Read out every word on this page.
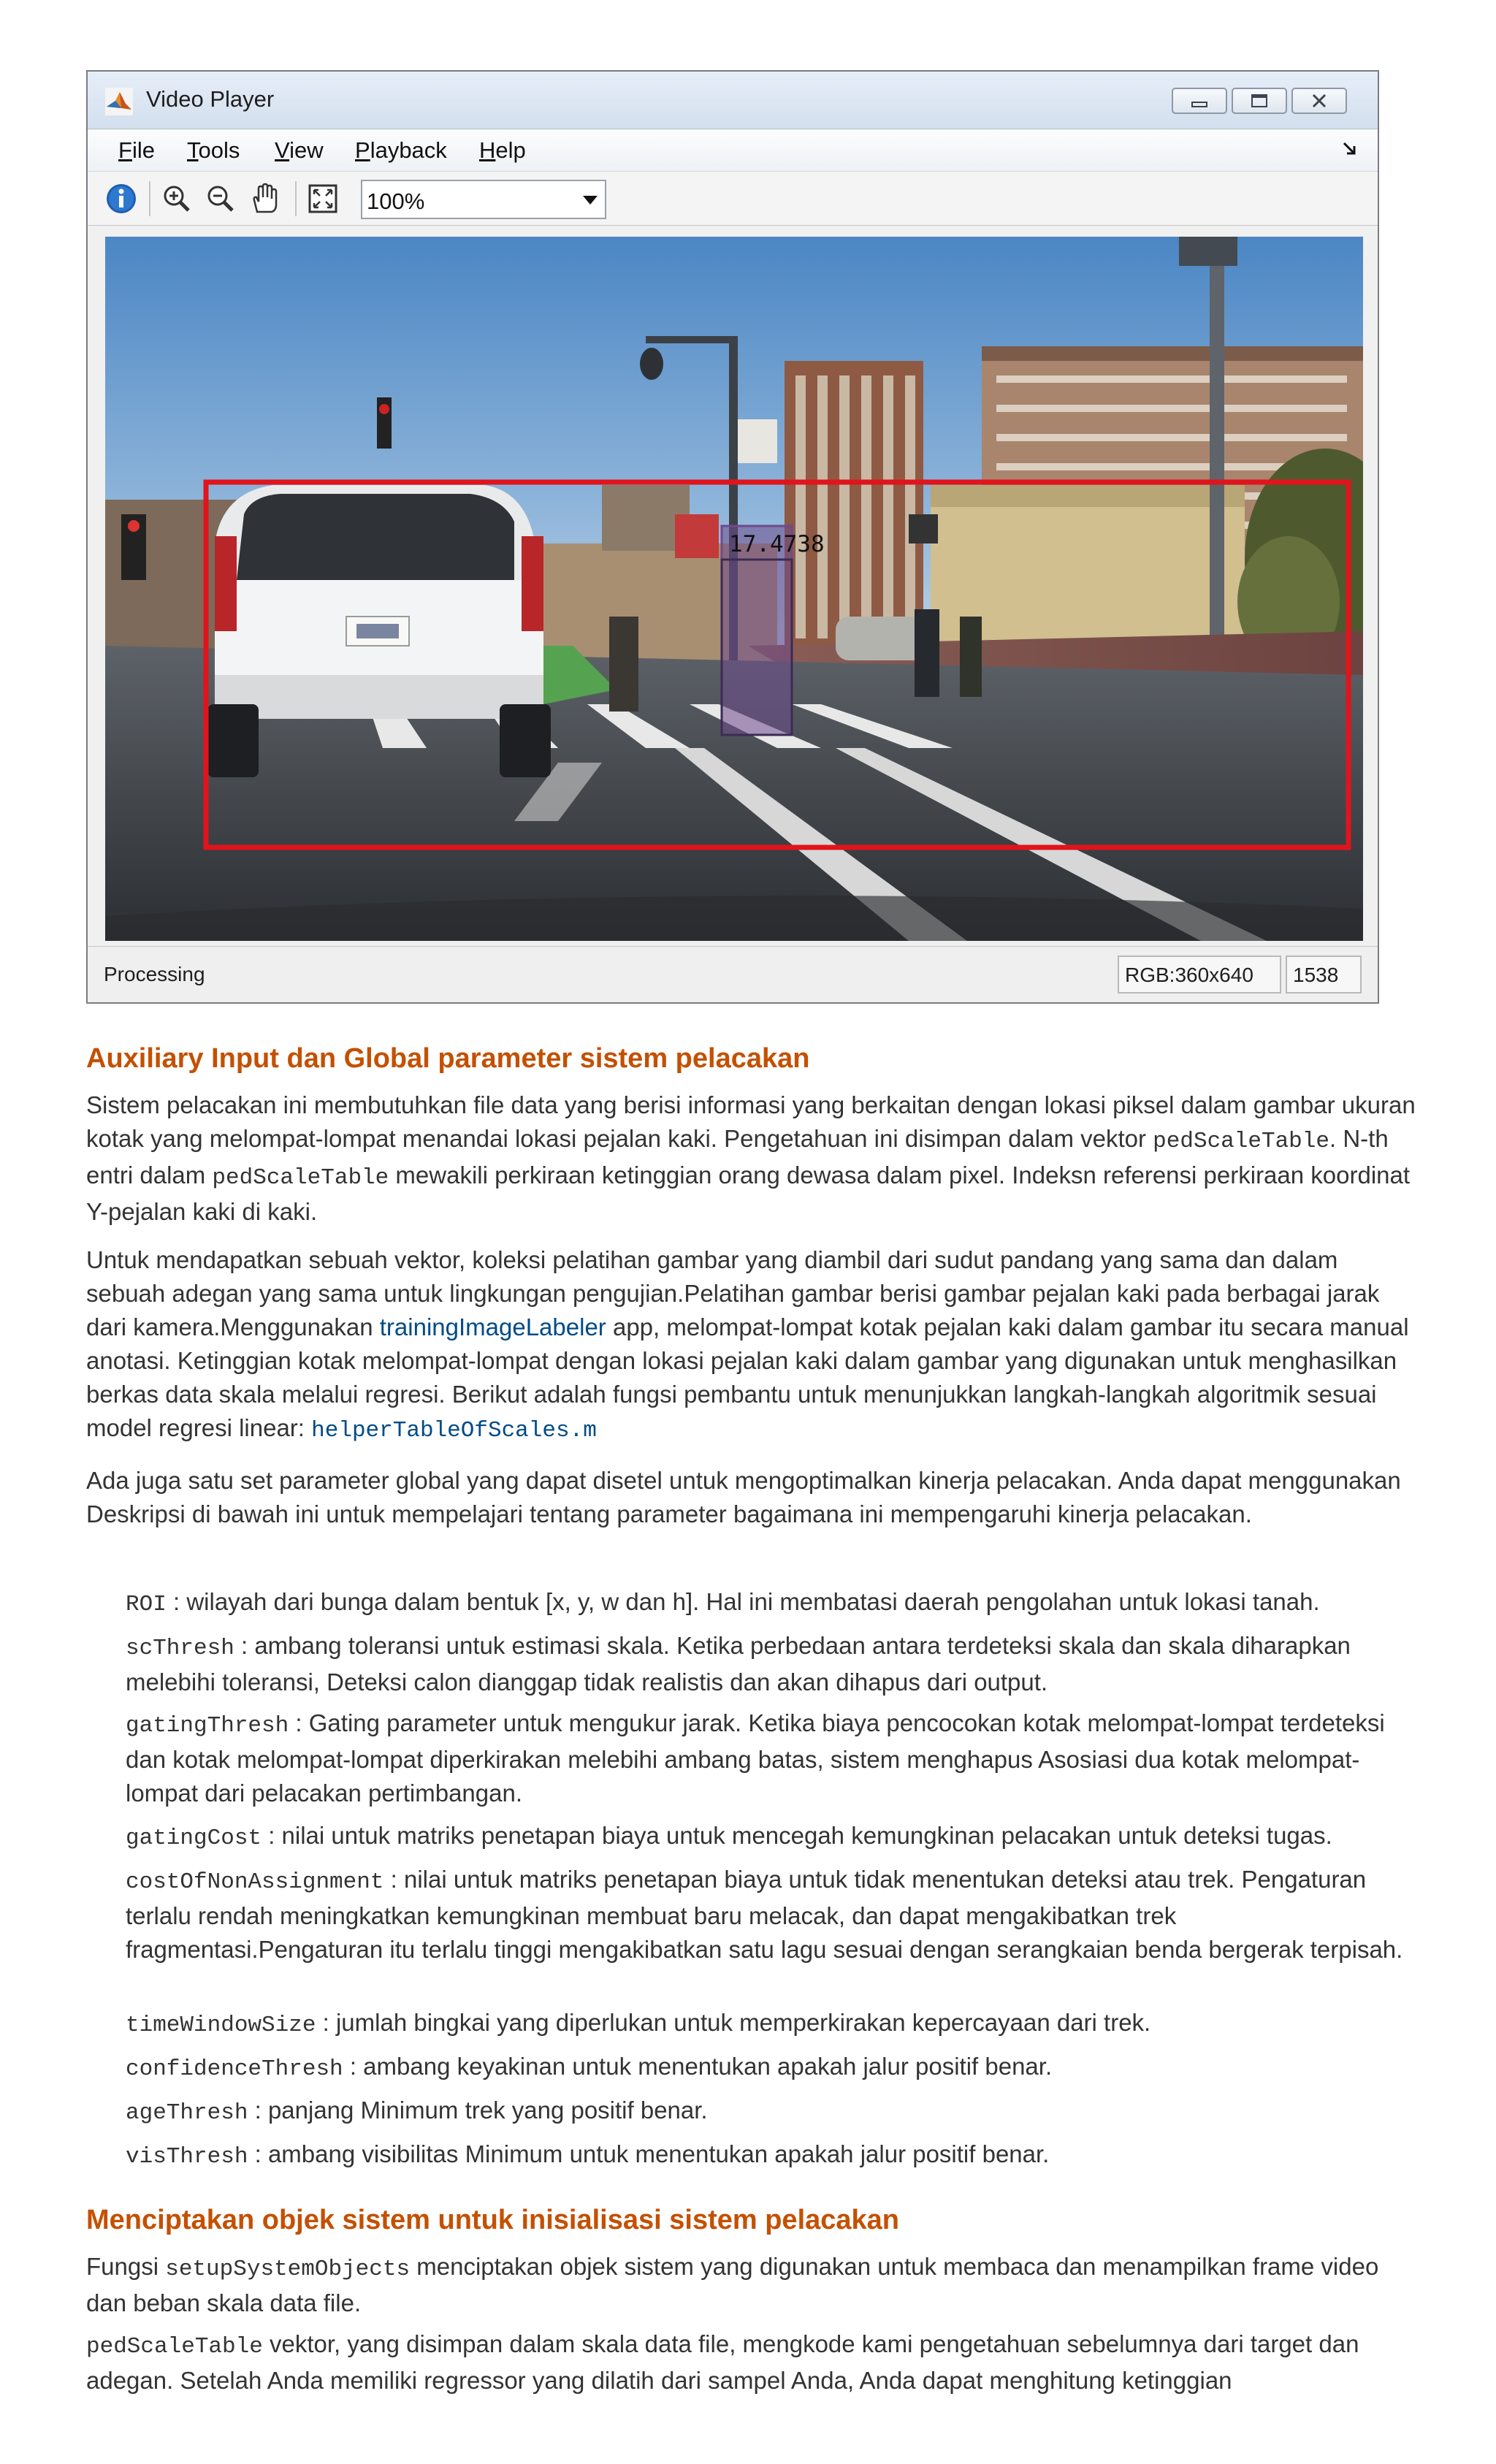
Video Player
File Tools View Playback Help
100%
17.4738
Processing	RGB:360x640	1538
Auxiliary Input dan Global parameter sistem pelacakan

Sistem pelacakan ini membutuhkan file data yang berisi informasi yang berkaitan dengan lokasi piksel dalam gambar ukuran kotak yang melompat-lompat menandai lokasi pejalan kaki. Pengetahuan ini disimpan dalam vektor pedScaleTable. N-th entri dalam pedScaleTable mewakili perkiraan ketinggian orang dewasa dalam pixel. Indeksn referensi perkiraan koordinat Y-pejalan kaki di kaki.

Untuk mendapatkan sebuah vektor, koleksi pelatihan gambar yang diambil dari sudut pandang yang sama dan dalam sebuah adegan yang sama untuk lingkungan pengujian.Pelatihan gambar berisi gambar pejalan kaki pada berbagai jarak dari kamera.Menggunakan trainingImageLabeler app, melompat-lompat kotak pejalan kaki dalam gambar itu secara manual anotasi. Ketinggian kotak melompat-lompat dengan lokasi pejalan kaki dalam gambar yang digunakan untuk menghasilkan berkas data skala melalui regresi. Berikut adalah fungsi pembantu untuk menunjukkan langkah-langkah algoritmik sesuai model regresi linear: helperTableOfScales.m

Ada juga satu set parameter global yang dapat disetel untuk mengoptimalkan kinerja pelacakan. Anda dapat menggunakan Deskripsi di bawah ini untuk mempelajari tentang parameter bagaimana ini mempengaruhi kinerja pelacakan.

ROI : wilayah dari bunga dalam bentuk [x, y, w dan h]. Hal ini membatasi daerah pengolahan untuk lokasi tanah.

scThresh : ambang toleransi untuk estimasi skala. Ketika perbedaan antara terdeteksi skala dan skala diharapkan melebihi toleransi, Deteksi calon dianggap tidak realistis dan akan dihapus dari output.

gatingThresh : Gating parameter untuk mengukur jarak. Ketika biaya pencocokan kotak melompat-lompat terdeteksi dan kotak melompat-lompat diperkirakan melebihi ambang batas, sistem menghapus Asosiasi dua kotak melompat-lompat dari pelacakan pertimbangan.

gatingCost : nilai untuk matriks penetapan biaya untuk mencegah kemungkinan pelacakan untuk deteksi tugas.

costOfNonAssignment : nilai untuk matriks penetapan biaya untuk tidak menentukan deteksi atau trek. Pengaturan terlalu rendah meningkatkan kemungkinan membuat baru melacak, dan dapat mengakibatkan trek fragmentasi.Pengaturan itu terlalu tinggi mengakibatkan satu lagu sesuai dengan serangkaian benda bergerak terpisah.

timeWindowSize : jumlah bingkai yang diperlukan untuk memperkirakan kepercayaan dari trek.

confidenceThresh : ambang keyakinan untuk menentukan apakah jalur positif benar.

ageThresh : panjang Minimum trek yang positif benar.

visThresh : ambang visibilitas Minimum untuk menentukan apakah jalur positif benar.

Menciptakan objek sistem untuk inisialisasi sistem pelacakan

Fungsi setupSystemObjects menciptakan objek sistem yang digunakan untuk membaca dan menampilkan frame video dan beban skala data file.

pedScaleTable vektor, yang disimpan dalam skala data file, mengkode kami pengetahuan sebelumnya dari target dan adegan. Setelah Anda memiliki regressor yang dilatih dari sampel Anda, Anda dapat menghitung ketinggian
